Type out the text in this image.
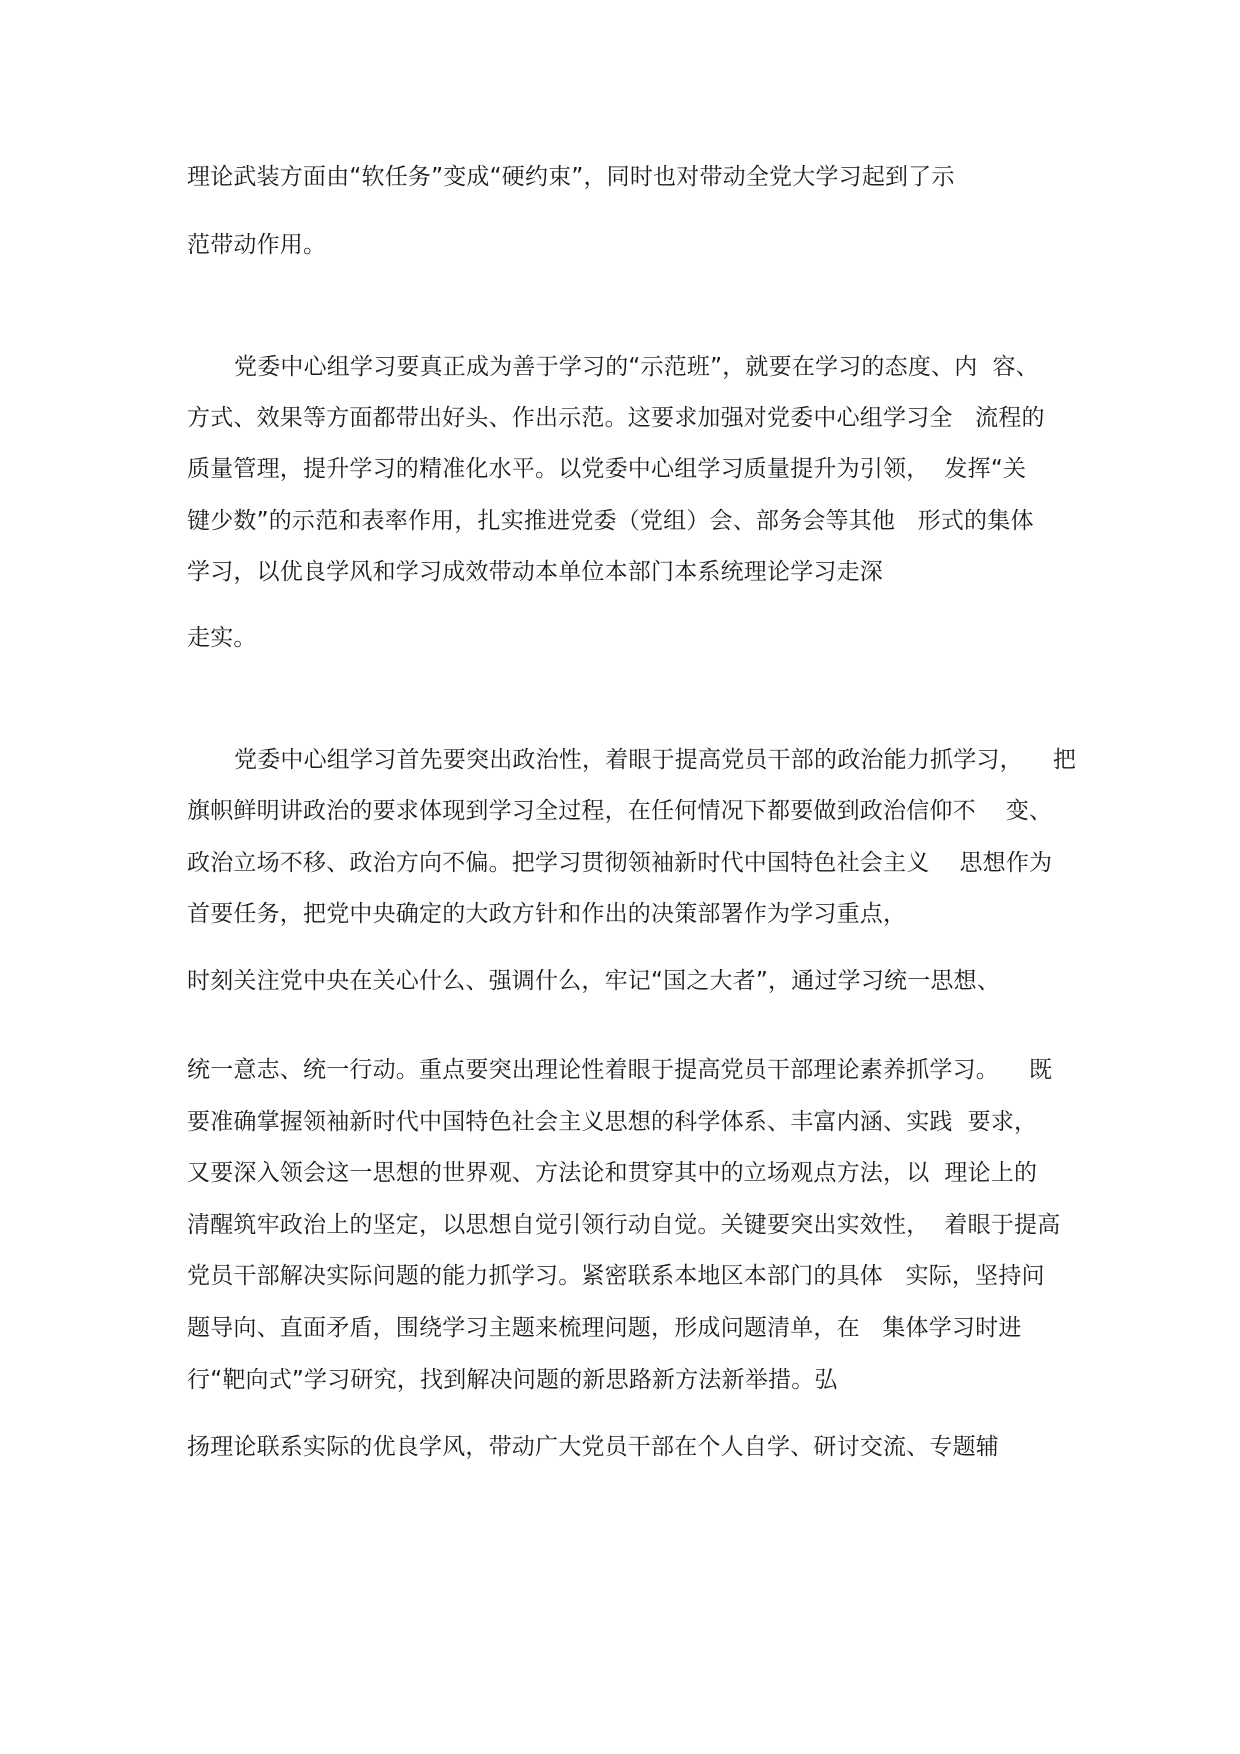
理论武装方面由“软任务”变成“硬约束”，同时也对带动全党大学习起到了示
范带动作用。
党委中心组学习要真正成为善于学习的“示范班”，就要在学习的态度、内  容、
方式、效果等方面都带出好头、作出示范。这要求加强对党委中心组学习全   流程的
质量管理，提升学习的精准化水平。以党委中心组学习质量提升为引领，  发挥“关
键少数”的示范和表率作用，扎实推进党委（党组）会、部务会等其他   形式的集体
学习，以优良学风和学习成效带动本单位本部门本系统理论学习走深
走实。
党委中心组学习首先要突出政治性，着眼于提高党员干部的政治能力抓学习，    把
旗帜鲜明讲政治的要求体现到学习全过程，在任何情况下都要做到政治信仰不    变、
政治立场不移、政治方向不偏。把学习贯彻领袖新时代中国特色社会主义    思想作为
首要任务，把党中央确定的大政方针和作出的决策部署作为学习重点，
时刻关注党中央在关心什么、强调什么，牢记“国之大者”，通过学习统一思想、
统一意志、统一行动。重点要突出理论性着眼于提高党员干部理论素养抓学习。    既
要准确掌握领袖新时代中国特色社会主义思想的科学体系、丰富内涵、实践  要求，
又要深入领会这一思想的世界观、方法论和贯穿其中的立场观点方法，以  理论上的
清醒筑牢政治上的坚定，以思想自觉引领行动自觉。关键要突出实效性，  着眼于提高
党员干部解决实际问题的能力抓学习。紧密联系本地区本部门的具体   实际，坚持问
题导向、直面矛盾，围绕学习主题来梳理问题，形成问题清单，在   集体学习时进
行“靶向式”学习研究，找到解决问题的新思路新方法新举措。弘
扬理论联系实际的优良学风，带动广大党员干部在个人自学、研讨交流、专题辅
